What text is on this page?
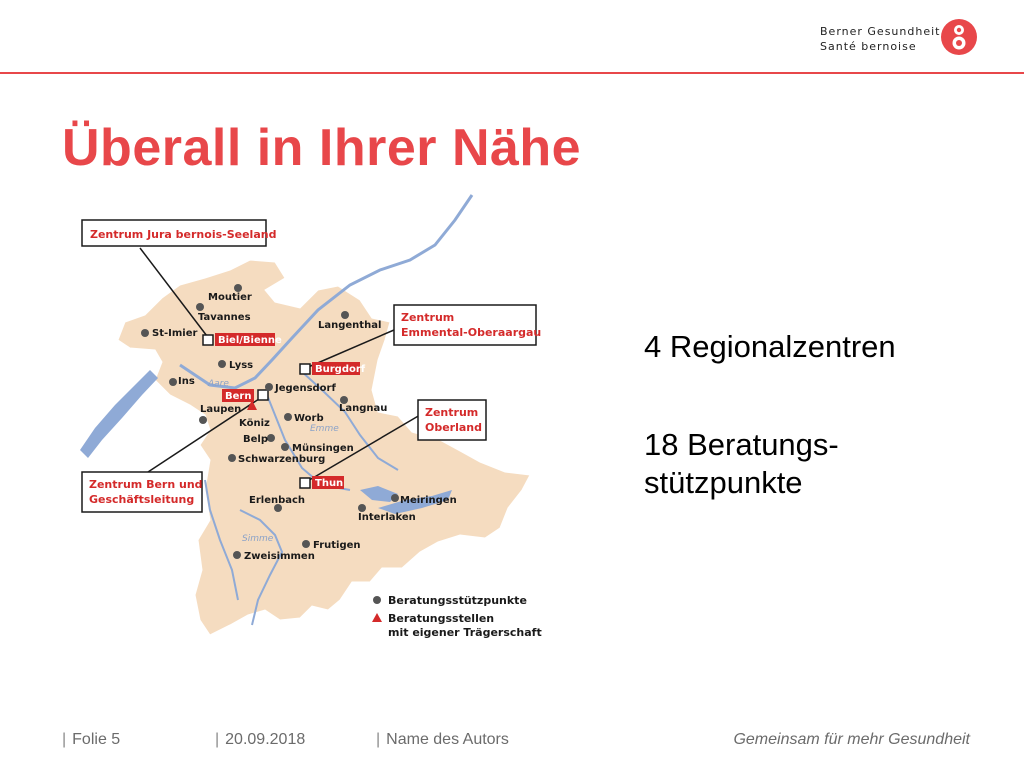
Berner Gesundheit
Santé bernoise
Überall in Ihrer Nähe
Zentrum Jura bernois-Seeland
Zentrum
Emmental-Oberaargau
Zentrum
Oberland
Zentrum Bern und
Geschäftsleitung
Biel/Bienne
Burgdorf
Bern
Thun
Moutier
Tavannes
St-Imier
Langenthal
Lyss
Ins
Jegensdorf
Langnau
Laupen
Köniz Worb
Belp
Münsingen
Schwarzenburg
Erlenbach	Meiringen
Interlaken
Frutigen
Zweisimmen
Aare
Emme
Simme
Beratungsstützpunkte
Beratungsstellen
mit eigener Trägerschaft
4 Regionalzentren
18 Beratungs-
stützpunkte
| Folie 5	| 20.09.2018	| Name des Autors	Gemeinsam für mehr Gesundheit
